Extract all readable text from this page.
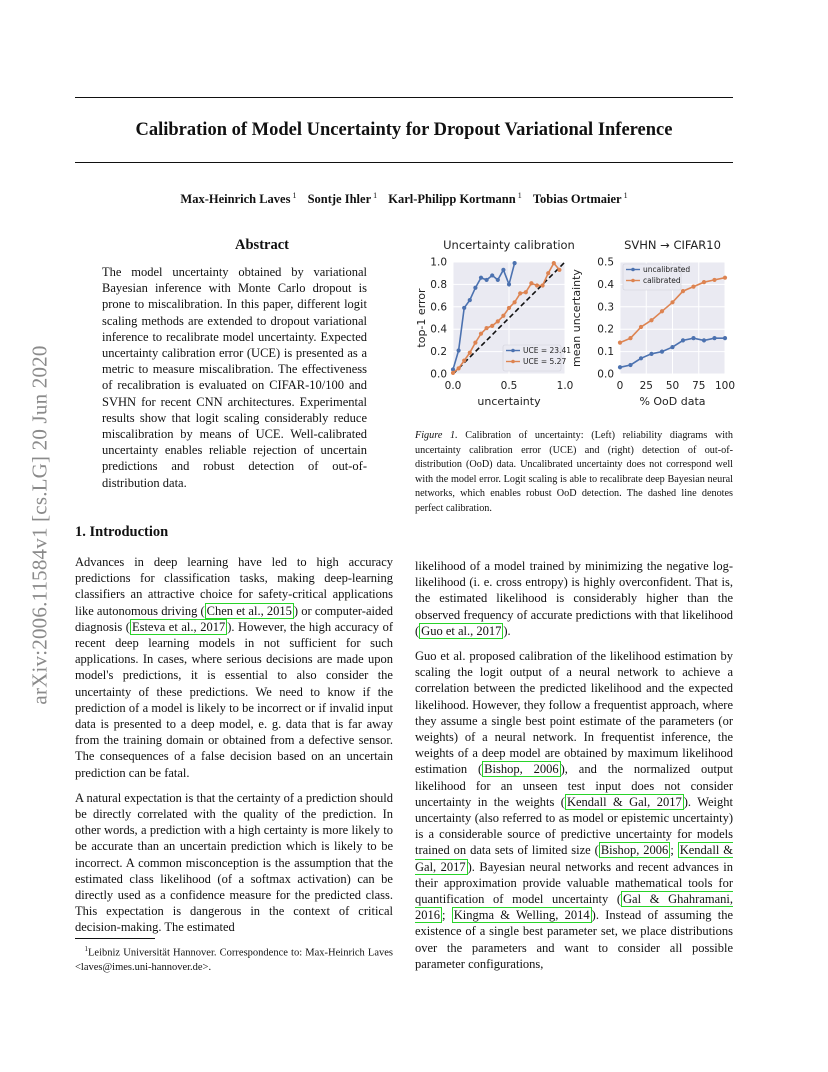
arXiv:2006.11584v1 [cs.LG] 20 Jun 2020
Calibration of Model Uncertainty for Dropout Variational Inference
Max-Heinrich Laves $^1$ Sontje Ihler $^1$ Karl-Philipp Kortmann $^1$ Tobias Ortmaier $^1$
Abstract
The model uncertainty obtained by variational Bayesian inference with Monte Carlo dropout is prone to miscalibration. In this paper, different logit scaling methods are extended to dropout variational inference to recalibrate model uncertainty. Expected uncertainty calibration error (UCE) is presented as a metric to measure miscalibration. The effectiveness of recalibration is evaluated on CIFAR-10/100 and SVHN for recent CNN architectures. Experimental results show that logit scaling considerably reduce miscalibration by means of UCE. Well-calibrated uncertainty enables reliable rejection of uncertain predictions and robust detection of out-of-distribution data.
1. Introduction

Advances in deep learning have led to high accuracy predictions for classification tasks, making deep-learning classifiers an attractive choice for safety-critical applications like autonomous driving ( Chen et al., 2015 ) or computer-aided diagnosis ( Esteva et al., 2017 ). However, the high accuracy of recent deep learning models in not sufficient for such applications. In cases, where serious decisions are made upon model's predictions, it is essential to also consider the uncertainty of these predictions. We need to know if the prediction of a model is likely to be incorrect or if invalid input data is presented to a deep model, e. g. data that is far away from the training domain or obtained from a defective sensor. The consequences of a false decision based on an uncertain prediction can be fatal.

A natural expectation is that the certainty of a prediction should be directly correlated with the quality of the prediction. In other words, a prediction with a high certainty is more likely to be accurate than an uncertain prediction which is likely to be incorrect. A common misconception is the assumption that the estimated class likelihood (of a softmax activation) can be directly used as a confidence measure for the predicted class. This expectation is dangerous in the context of critical decision-making. The estimated

$^1$Leibniz Universität Hannover. Correspondence to: Max-Heinrich Laves <laves@imes.uni-hannover.de>.

likelihood of a model trained by minimizing the negative log-likelihood (i. e. cross entropy) is highly overconfident. That is, the estimated likelihood is considerably higher than the observed frequency of accurate predictions with that likelihood ( Guo et al., 2017 ).

Guo et al. proposed calibration of the likelihood estimation by scaling the logit output of a neural network to achieve a correlation between the predicted likelihood and the expected likelihood. However, they follow a frequentist approach, where they assume a single best point estimate of the parameters (or weights) of a neural network. In frequentist inference, the weights of a deep model are obtained by maximum likelihood estimation ( Bishop, 2006 ), and the normalized output likelihood for an unseen test input does not consider uncertainty in the weights ( Kendall & Gal, 2017 ). Weight uncertainty (also referred to as model or epistemic uncertainty) is a considerable source of predictive uncertainty for models trained on data sets of limited size ( Bishop, 2006 ; Kendall & Gal, 2017 ). Bayesian neural networks and recent advances in their approximation provide valuable mathematical tools for quantification of model uncertainty ( Gal & Ghahramani, 2016 ; Kingma & Welling, 2014 ). Instead of assuming the existence of a single best parameter set, we place distributions over the parameters and want to consider all possible parameter configurations,

0.0
0.2
0.4
0.6
0.8
1.0
0.0	0.5	1.0
Uncertainty calibration
uncertainty
top-1 error
UCE = 23.41
UCE = 5.27
0.0
0.1
0.2
0.3
0.4
0.5
0 25 50 75 100
SVHN → CIFAR10
% OoD data
mean uncertainty	uncalibrated
calibrated
Figure 1. Calibration of uncertainty: (Left) reliability diagrams with uncertainty calibration error (UCE) and (right) detection of out-of-distribution (OoD) data. Uncalibrated uncertainty does not correspond well with the model error. Logit scaling is able to recalibrate deep Bayesian neural networks, which enables robust OoD detection. The dashed line denotes perfect calibration.
